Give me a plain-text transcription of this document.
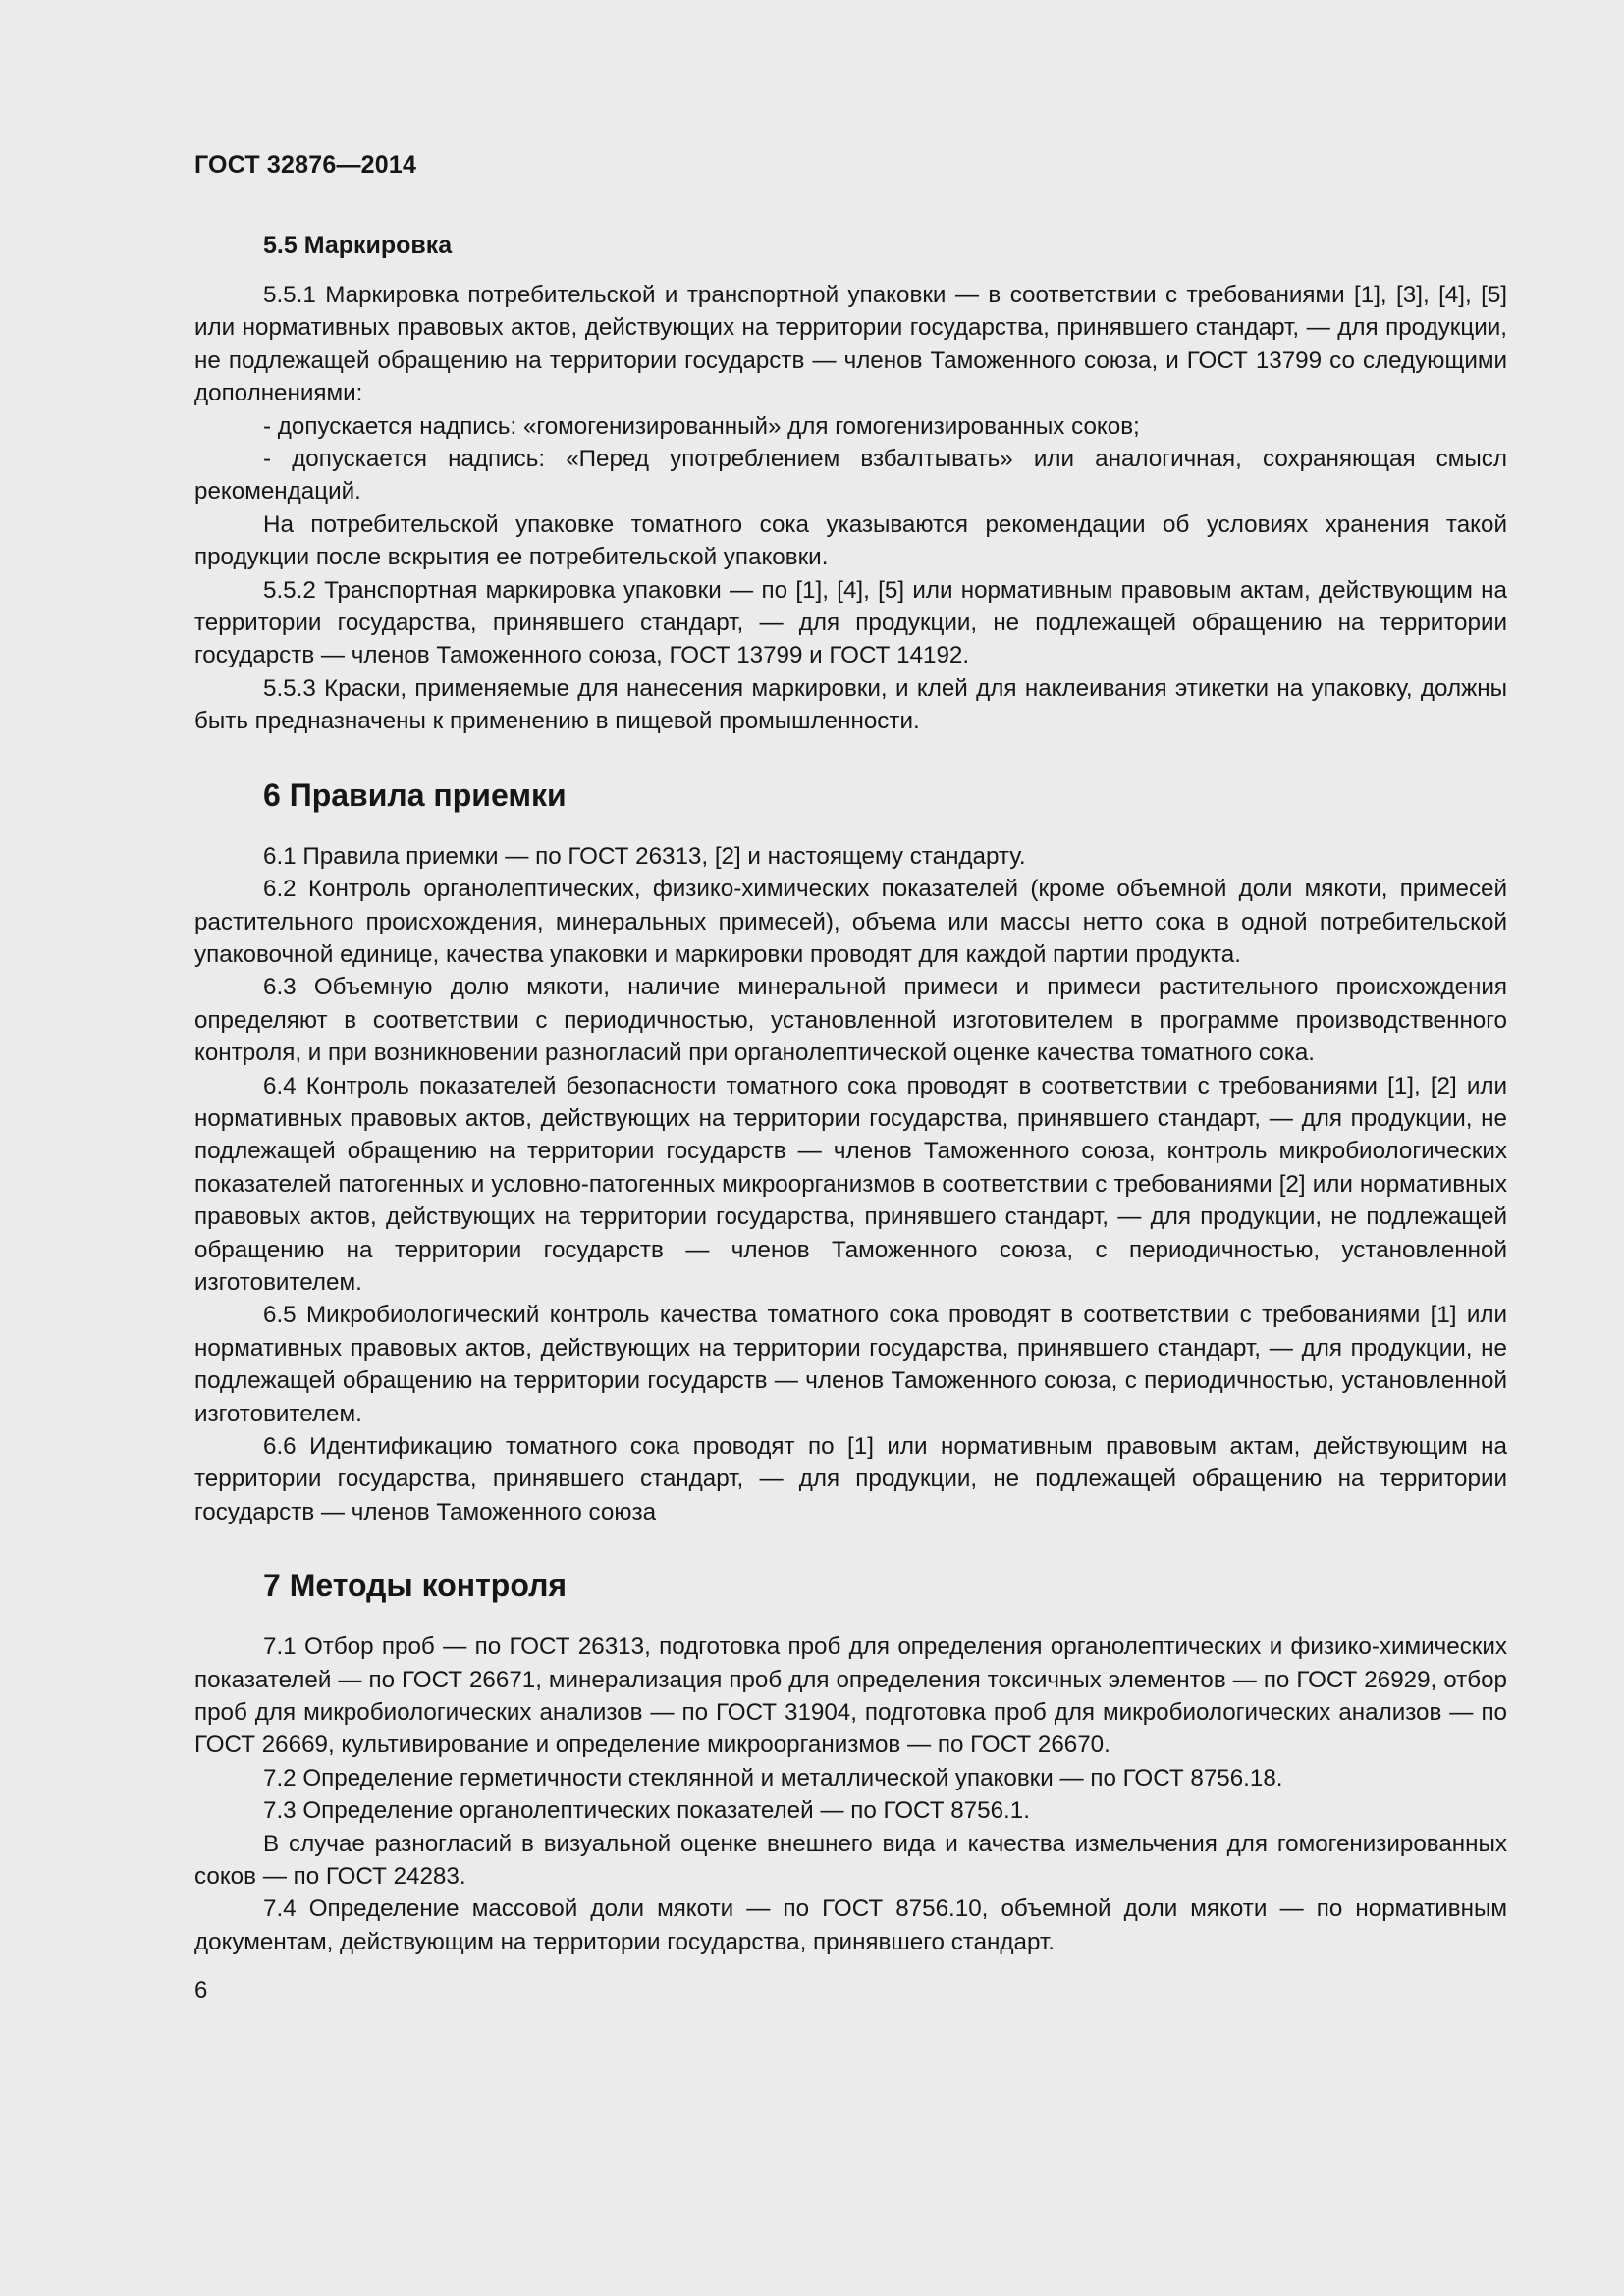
ГОСТ 32876—2014
5.5 Маркировка

5.5.1 Маркировка потребительской и транспортной упаковки — в соответствии с требованиями [1], [3], [4], [5] или нормативных правовых актов, действующих на территории государства, принявшего стандарт, — для продукции, не подлежащей обращению на территории государств — членов Таможенного союза, и ГОСТ 13799 со следующими дополнениями:

- допускается надпись: «гомогенизированный» для гомогенизированных соков;

- допускается надпись: «Перед употреблением взбалтывать» или аналогичная, сохраняющая смысл рекомендаций.

На потребительской упаковке томатного сока указываются рекомендации об условиях хранения такой продукции после вскрытия ее потребительской упаковки.

5.5.2 Транспортная маркировка упаковки — по [1], [4], [5] или нормативным правовым актам, действующим на территории государства, принявшего стандарт, — для продукции, не подлежащей обращению на территории государств — членов Таможенного союза, ГОСТ 13799 и ГОСТ 14192.

5.5.3 Краски, применяемые для нанесения маркировки, и клей для наклеивания этикетки на упаковку, должны быть предназначены к применению в пищевой промышленности.

6 Правила приемки

6.1 Правила приемки — по ГОСТ 26313, [2] и настоящему стандарту.

6.2 Контроль органолептических, физико-химических показателей (кроме объемной доли мякоти, примесей растительного происхождения, минеральных примесей), объема или массы нетто сока в одной потребительской упаковочной единице, качества упаковки и маркировки проводят для каждой партии продукта.

6.3 Объемную долю мякоти, наличие минеральной примеси и примеси растительного происхождения определяют в соответствии с периодичностью, установленной изготовителем в программе производственного контроля, и при возникновении разногласий при органолептической оценке качества томатного сока.

6.4 Контроль показателей безопасности томатного сока проводят в соответствии с требованиями [1], [2] или нормативных правовых актов, действующих на территории государства, принявшего стандарт, — для продукции, не подлежащей обращению на территории государств — членов Таможенного союза, контроль микробиологических показателей патогенных и условно-патогенных микроорганизмов в соответствии с требованиями [2] или нормативных правовых актов, действующих на территории государства, принявшего стандарт, — для продукции, не подлежащей обращению на территории государств — членов Таможенного союза, с периодичностью, установленной изготовителем.

6.5 Микробиологический контроль качества томатного сока проводят в соответствии с требованиями [1] или нормативных правовых актов, действующих на территории государства, принявшего стандарт, — для продукции, не подлежащей обращению на территории государств — членов Таможенного союза, с периодичностью, установленной изготовителем.

6.6 Идентификацию томатного сока проводят по [1] или нормативным правовым актам, действующим на территории государства, принявшего стандарт, — для продукции, не подлежащей обращению на территории государств — членов Таможенного союза

7 Методы контроля

7.1 Отбор проб — по ГОСТ 26313, подготовка проб для определения органолептических и физико-химических показателей — по ГОСТ 26671, минерализация проб для определения токсичных элементов — по ГОСТ 26929, отбор проб для микробиологических анализов — по ГОСТ 31904, подготовка проб для микробиологических анализов — по ГОСТ 26669, культивирование и определение микроорганизмов — по ГОСТ 26670.

7.2 Определение герметичности стеклянной и металлической упаковки — по ГОСТ 8756.18.

7.3 Определение органолептических показателей — по ГОСТ 8756.1.

В случае разногласий в визуальной оценке внешнего вида и качества измельчения для гомогенизированных соков — по ГОСТ 24283.

7.4 Определение массовой доли мякоти — по ГОСТ 8756.10, объемной доли мякоти — по нормативным документам, действующим на территории государства, принявшего стандарт.

6
